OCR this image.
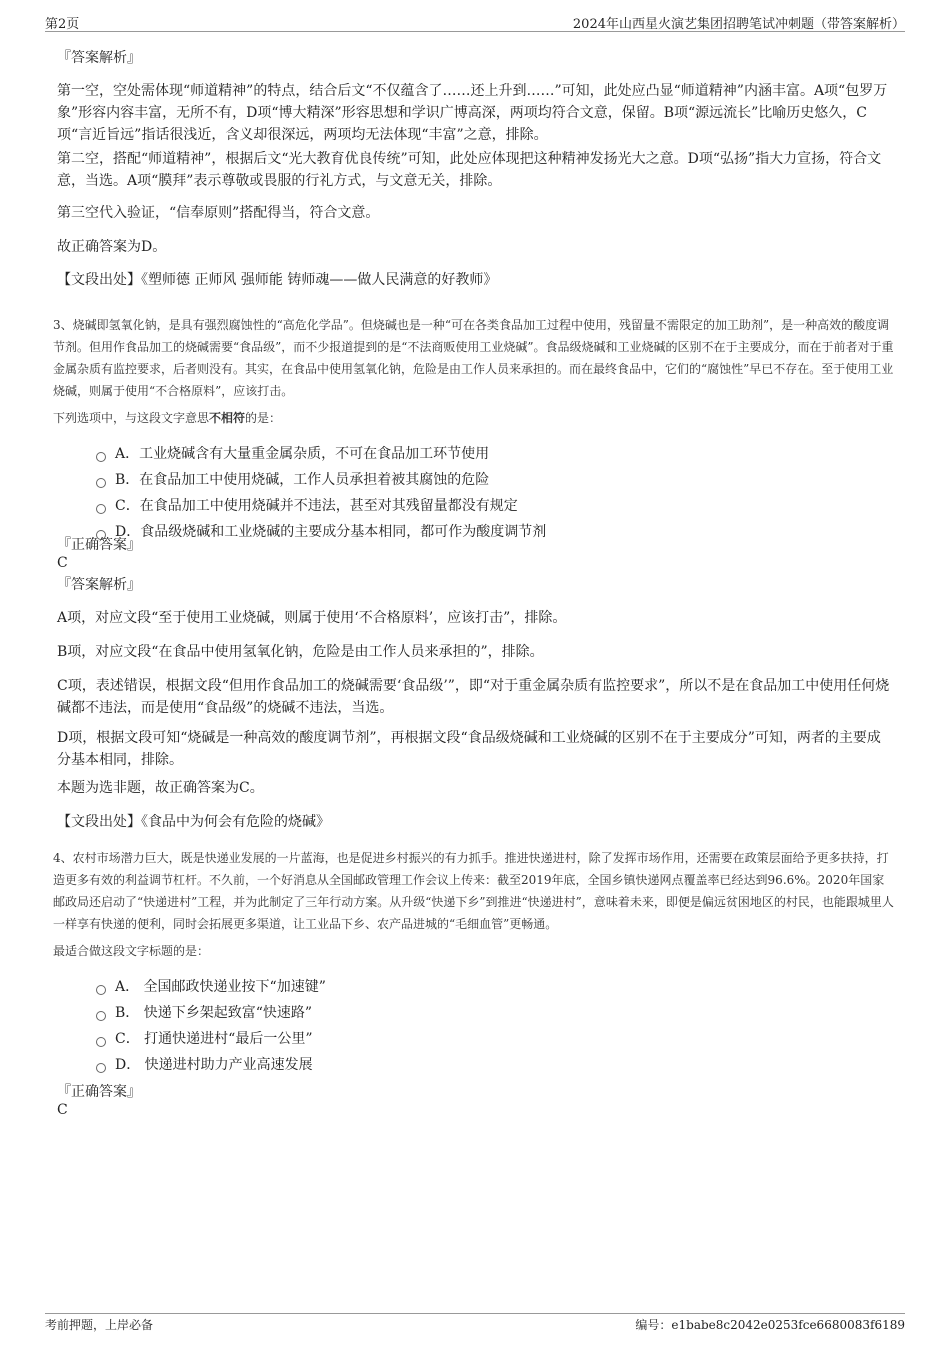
第2页	2024年山西星火演艺集团招聘笔试冲刺题（带答案解析）

『答案解析』

第一空，空处需体现“师道精神”的特点，结合后文“不仅蕴含了……还上升到……”可知，此处应凸显“师道精神”内涵丰富。A项“包罗万象”形容内容丰富，无所不有，D项“博大精深”形容思想和学识广博高深，两项均符合文意，保留。B项“源远流长”比喻历史悠久，C项“言近旨远”指话很浅近，含义却很深远，两项均无法体现“丰富”之意，排除。

第二空，搭配“师道精神”，根据后文“光大教育优良传统”可知，此处应体现把这种精神发扬光大之意。D项“弘扬”指大力宣扬，符合文意，当选。A项“膜拜”表示尊敬或畏服的行礼方式，与文意无关，排除。

第三空代入验证，“信奉原则”搭配得当，符合文意。

故正确答案为D。

【文段出处】《塑师德 正师风 强师能 铸师魂——做人民满意的好教师》

3、烧碱即氢氧化钠，是具有强烈腐蚀性的“高危化学品”。但烧碱也是一种“可在各类食品加工过程中使用，残留量不需限定的加工助剂”，是一种高效的酸度调节剂。但用作食品加工的烧碱需要“食品级”，而不少报道提到的是“不法商贩使用工业烧碱”。食品级烧碱和工业烧碱的区别不在于主要成分，而在于前者对于重金属杂质有监控要求，后者则没有。其实，在食品中使用氢氧化钠，危险是由工作人员来承担的。而在最终食品中，它们的“腐蚀性”早已不存在。至于使用工业烧碱，则属于使用“不合格原料”，应该打击。

下列选项中，与这段文字意思不相符的是：

A．工业烧碱含有大量重金属杂质，不可在食品加工环节使用
B．在食品加工中使用烧碱，工作人员承担着被其腐蚀的危险
C．在食品加工中使用烧碱并不违法，甚至对其残留量都没有规定
D．食品级烧碱和工业烧碱的主要成分基本相同，都可作为酸度调节剂
『正确答案』
C

『答案解析』

A项，对应文段“至于使用工业烧碱，则属于使用‘不合格原料’，应该打击”，排除。

B项，对应文段“在食品中使用氢氧化钠，危险是由工作人员来承担的”，排除。

C项，表述错误，根据文段“但用作食品加工的烧碱需要‘食品级’”，即“对于重金属杂质有监控要求”，所以不是在食品加工中使用任何烧碱都不违法，而是使用“食品级”的烧碱不违法，当选。

D项，根据文段可知“烧碱是一种高效的酸度调节剂”，再根据文段“食品级烧碱和工业烧碱的区别不在于主要成分”可知，两者的主要成分基本相同，排除。

本题为选非题，故正确答案为C。

【文段出处】《食品中为何会有危险的烧碱》

4、农村市场潜力巨大，既是快递业发展的一片蓝海，也是促进乡村振兴的有力抓手。推进快递进村，除了发挥市场作用，还需要在政策层面给予更多扶持，打造更多有效的利益调节杠杆。不久前，一个好消息从全国邮政管理工作会议上传来：截至2019年底，全国乡镇快递网点覆盖率已经达到96.6%。2020年国家邮政局还启动了“快递进村”工程，并为此制定了三年行动方案。从升级“快递下乡”到推进“快递进村”，意味着未来，即便是偏远贫困地区的村民，也能跟城里人一样享有快递的便利，同时会拓展更多渠道，让工业品下乡、农产品进城的“毛细血管”更畅通。

最适合做这段文字标题的是：

A． 全国邮政快递业按下“加速键”
B． 快递下乡架起致富“快速路”
C． 打通快递进村“最后一公里”
D． 快递进村助力产业高速发展
『正确答案』
C
考前押题，上岸必备	编号：e1babe8c2042e0253fce6680083f6189
